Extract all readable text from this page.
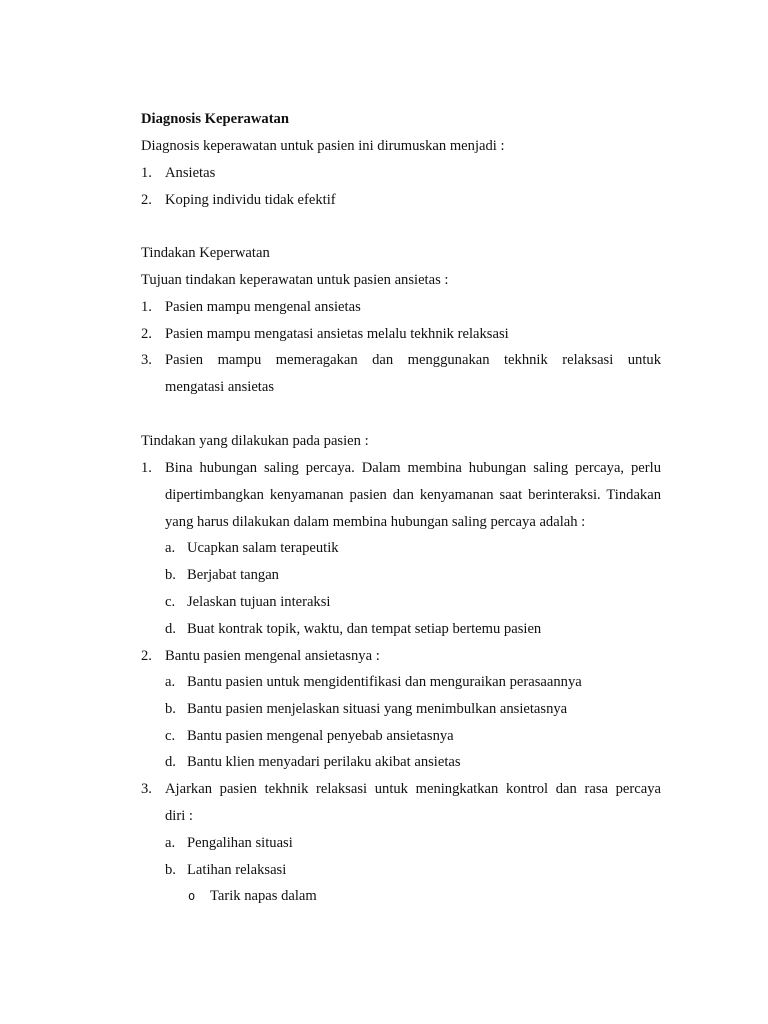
Diagnosis Keperawatan
Diagnosis keperawatan untuk pasien ini dirumuskan menjadi :
1. Ansietas
2. Koping individu tidak efektif
Tindakan Keperwatan
Tujuan tindakan keperawatan untuk pasien ansietas :
1. Pasien mampu mengenal ansietas
2. Pasien mampu mengatasi ansietas melalu tekhnik relaksasi
3. Pasien mampu memeragakan dan menggunakan tekhnik relaksasi untuk
mengatasi ansietas
Tindakan yang dilakukan pada pasien :
1. Bina hubungan saling percaya. Dalam membina hubungan saling percaya, perlu
dipertimbangkan kenyamanan pasien dan kenyamanan saat berinteraksi. Tindakan
yang harus dilakukan dalam membina hubungan saling percaya adalah :
a. Ucapkan salam terapeutik
b. Berjabat tangan
c. Jelaskan tujuan interaksi
d. Buat kontrak topik, waktu, dan tempat setiap bertemu pasien
2. Bantu pasien mengenal ansietasnya :
a. Bantu pasien untuk mengidentifikasi dan menguraikan perasaannya
b. Bantu pasien menjelaskan situasi yang menimbulkan ansietasnya
c. Bantu pasien mengenal penyebab ansietasnya
d. Bantu klien menyadari perilaku akibat ansietas
3. Ajarkan pasien tekhnik relaksasi untuk meningkatkan kontrol dan rasa percaya
diri :
a. Pengalihan situasi
b. Latihan relaksasi
o Tarik napas dalam
